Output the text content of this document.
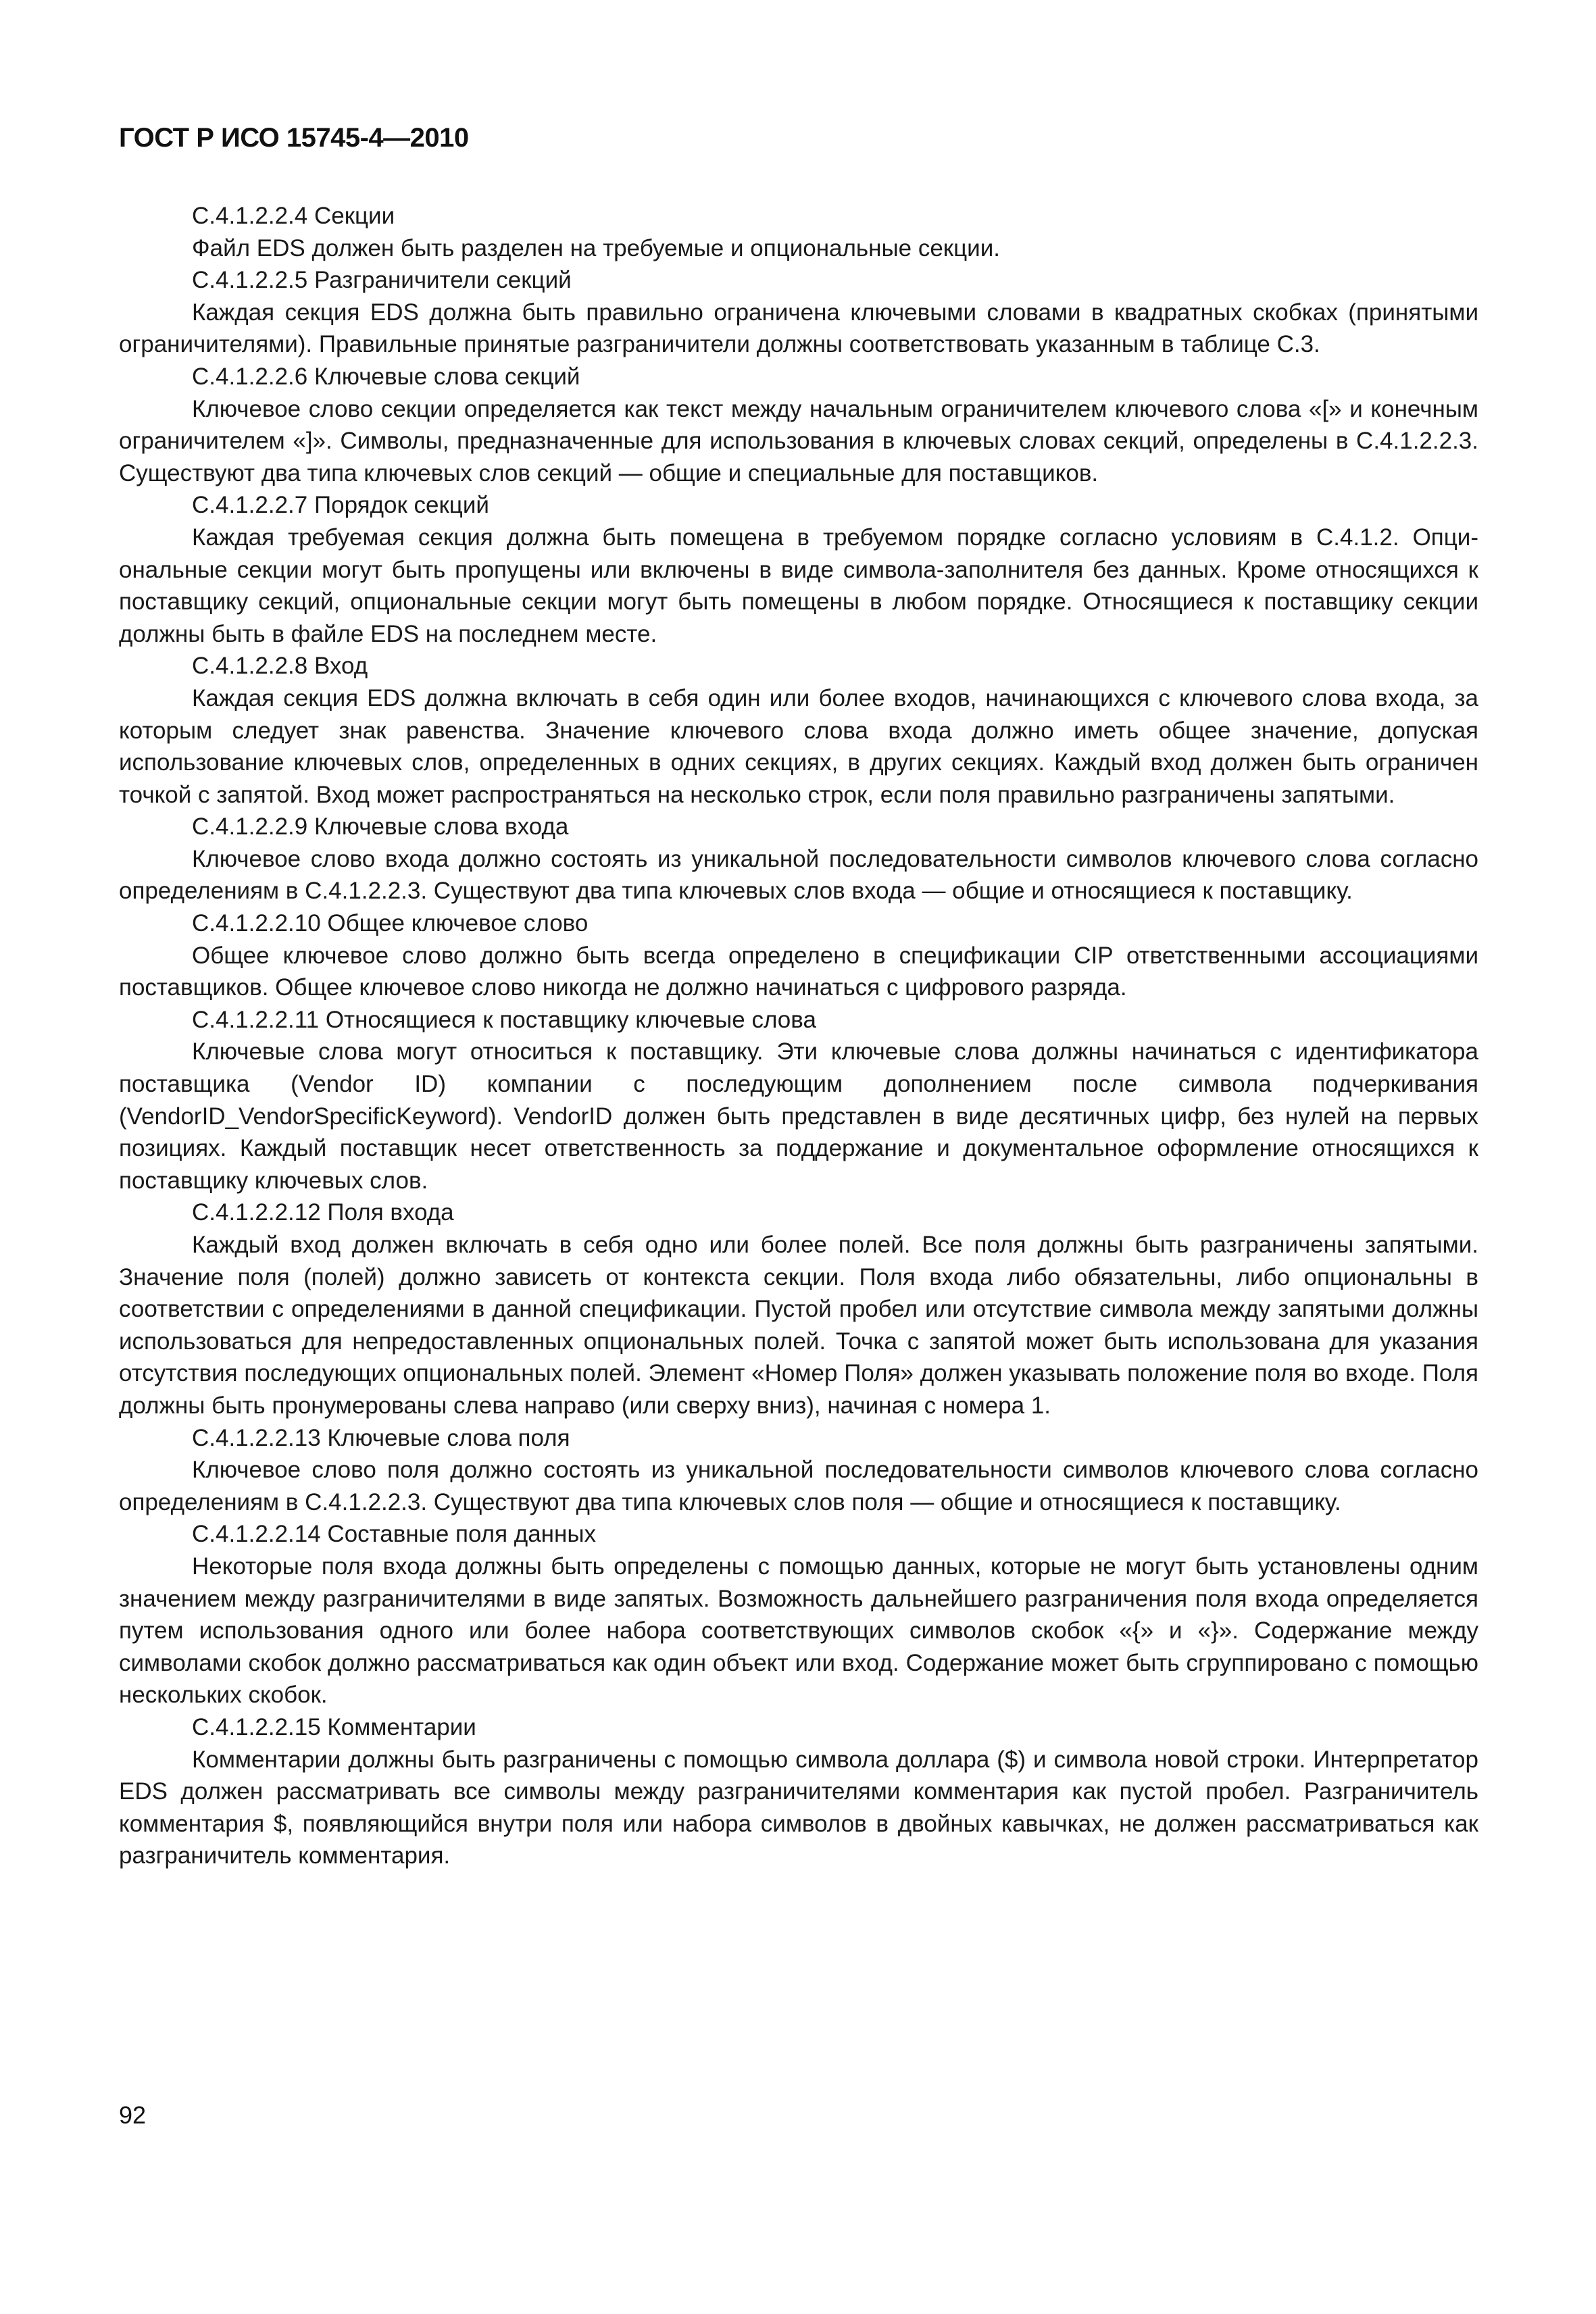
ГОСТ Р ИСО 15745-4—2010

C.4.1.2.2.4 Секции

Файл EDS должен быть разделен на требуемые и опциональные секции.

C.4.1.2.2.5 Разграничители секций

Каждая секция EDS должна быть правильно ограничена ключевыми словами в квадратных скобках (принятыми ограничителями). Правильные принятые разграничители должны соответствовать указанным в таблице C.3.

C.4.1.2.2.6 Ключевые слова секций

Ключевое слово секции определяется как текст между начальным ограничителем ключевого слова «[» и конечным ограничителем «]». Символы, предназначенные для использования в ключевых словах секций, определены в C.4.1.2.2.3. Существуют два типа ключевых слов секций — общие и специальные для поставщиков.

C.4.1.2.2.7 Порядок секций

Каждая требуемая секция должна быть помещена в требуемом порядке согласно условиям в C.4.1.2. Опциональные секции могут быть пропущены или включены в виде символа-заполнителя без данных. Кроме относящихся к поставщику секций, опциональные секции могут быть помещены в любом порядке. Относящиеся к поставщику секции должны быть в файле EDS на последнем месте.

C.4.1.2.2.8 Вход

Каждая секция EDS должна включать в себя один или более входов, начинающихся с ключевого слова входа, за которым следует знак равенства. Значение ключевого слова входа должно иметь общее значение, допуская использование ключевых слов, определенных в одних секциях, в других секциях. Каждый вход должен быть ограничен точкой с запятой. Вход может распространяться на несколько строк, если поля правильно разграничены запятыми.

C.4.1.2.2.9 Ключевые слова входа

Ключевое слово входа должно состоять из уникальной последовательности символов ключевого слова согласно определениям в C.4.1.2.2.3. Существуют два типа ключевых слов входа — общие и относящиеся к поставщику.

C.4.1.2.2.10 Общее ключевое слово

Общее ключевое слово должно быть всегда определено в спецификации CIP ответственными ассоциациями поставщиков. Общее ключевое слово никогда не должно начинаться с цифрового разряда.

C.4.1.2.2.11 Относящиеся к поставщику ключевые слова

Ключевые слова могут относиться к поставщику. Эти ключевые слова должны начинаться с идентификатора поставщика (Vendor ID) компании с последующим дополнением после символа подчеркивания (VendorID_VendorSpecificKeyword). VendorID должен быть представлен в виде десятичных цифр, без нулей на первых позициях. Каждый поставщик несет ответственность за поддержание и документальное оформление относящихся к поставщику ключевых слов.

C.4.1.2.2.12 Поля входа

Каждый вход должен включать в себя одно или более полей. Все поля должны быть разграничены запятыми. Значение поля (полей) должно зависеть от контекста секции. Поля входа либо обязательны, либо опциональны в соответствии с определениями в данной спецификации. Пустой пробел или отсутствие символа между запятыми должны использоваться для непредоставленных опциональных полей. Точка с запятой может быть использована для указания отсутствия последующих опциональных полей. Элемент «Номер Поля» должен указывать положение поля во входе. Поля должны быть пронумерованы слева направо (или сверху вниз), начиная с номера 1.

C.4.1.2.2.13 Ключевые слова поля

Ключевое слово поля должно состоять из уникальной последовательности символов ключевого слова согласно определениям в C.4.1.2.2.3. Существуют два типа ключевых слов поля — общие и относящиеся к поставщику.

C.4.1.2.2.14 Составные поля данных

Некоторые поля входа должны быть определены с помощью данных, которые не могут быть установлены одним значением между разграничителями в виде запятых. Возможность дальнейшего разграничения поля входа определяется путем использования одного или более набора соответствующих символов скобок «{» и «}». Содержание между символами скобок должно рассматриваться как один объект или вход. Содержание может быть сгруппировано с помощью нескольких скобок.

C.4.1.2.2.15 Комментарии

Комментарии должны быть разграничены с помощью символа доллара ($) и символа новой строки. Интерпретатор EDS должен рассматривать все символы между разграничителями комментария как пустой пробел. Разграничитель комментария $, появляющийся внутри поля или набора символов в двойных кавычках, не должен рассматриваться как разграничитель комментария.

92
